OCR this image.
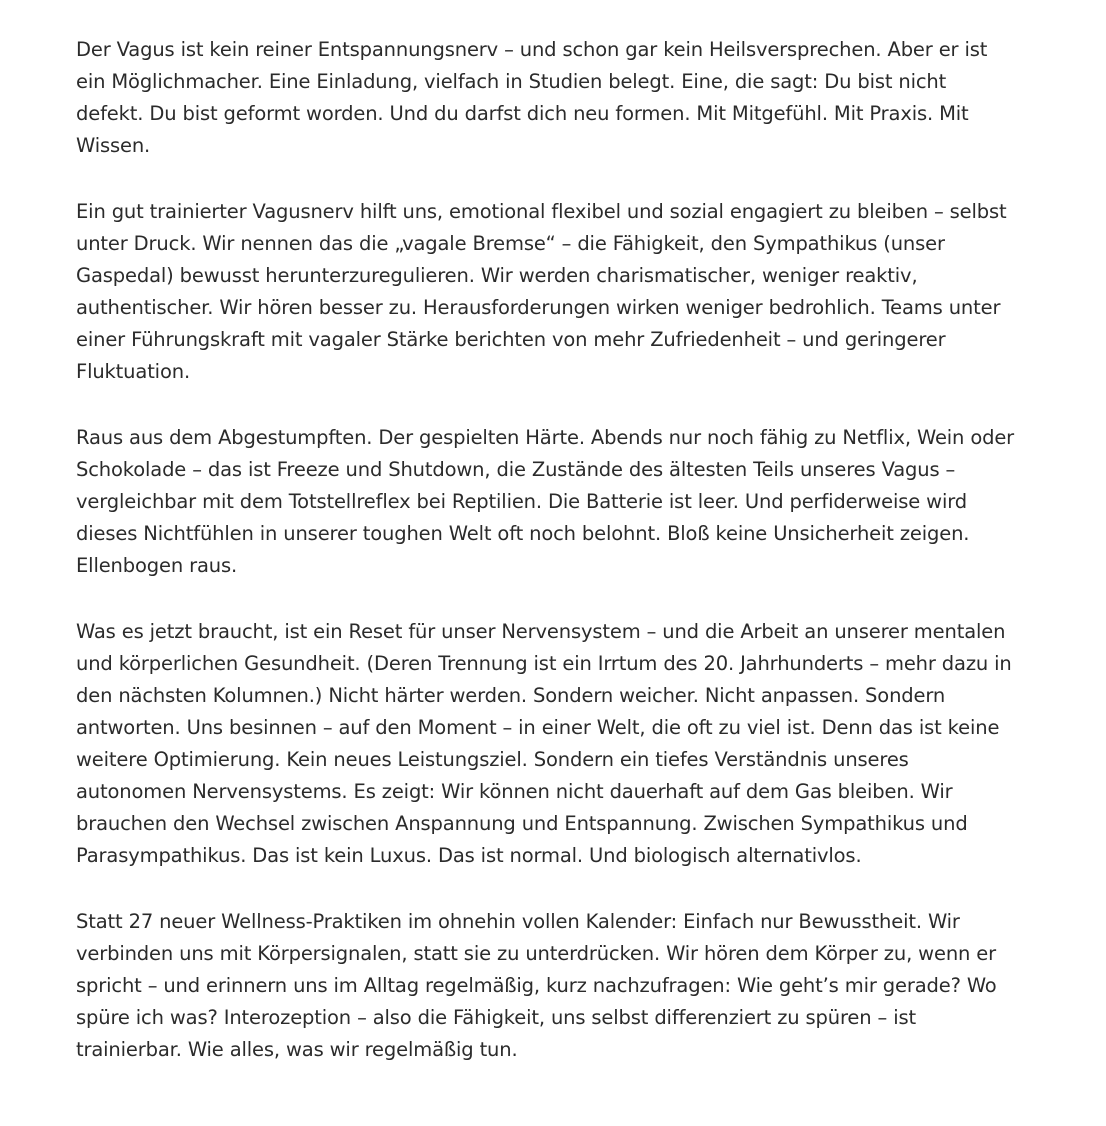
Der Vagus ist kein reiner Entspannungsnerv – und schon gar kein Heilsversprechen. Aber er ist ein Möglichmacher. Eine Einladung, vielfach in Studien belegt. Eine, die sagt: Du bist nicht defekt. Du bist geformt worden. Und du darfst dich neu formen. Mit Mitgefühl. Mit Praxis. Mit Wissen.

Ein gut trainierter Vagusnerv hilft uns, emotional flexibel und sozial engagiert zu bleiben – selbst unter Druck. Wir nennen das die „vagale Bremse“ – die Fähigkeit, den Sympathikus (unser Gaspedal) bewusst herunterzuregulieren. Wir werden charismatischer, weniger reaktiv, authentischer. Wir hören besser zu. Herausforderungen wirken weniger bedrohlich. Teams unter einer Führungskraft mit vagaler Stärke berichten von mehr Zufriedenheit – und geringerer Fluktuation.

Raus aus dem Abgestumpften. Der gespielten Härte. Abends nur noch fähig zu Netflix, Wein oder Schokolade – das ist Freeze und Shutdown, die Zustände des ältesten Teils unseres Vagus – vergleichbar mit dem Totstellreflex bei Reptilien. Die Batterie ist leer. Und perfiderweise wird dieses Nichtfühlen in unserer toughen Welt oft noch belohnt. Bloß keine Unsicherheit zeigen. Ellenbogen raus.

Was es jetzt braucht, ist ein Reset für unser Nervensystem – und die Arbeit an unserer mentalen und körperlichen Gesundheit. (Deren Trennung ist ein Irrtum des 20. Jahrhunderts – mehr dazu in den nächsten Kolumnen.) Nicht härter werden. Sondern weicher. Nicht anpassen. Sondern antworten. Uns besinnen – auf den Moment – in einer Welt, die oft zu viel ist. Denn das ist keine weitere Optimierung. Kein neues Leistungsziel. Sondern ein tiefes Verständnis unseres autonomen Nervensystems. Es zeigt: Wir können nicht dauerhaft auf dem Gas bleiben. Wir brauchen den Wechsel zwischen Anspannung und Entspannung. Zwischen Sympathikus und Parasympathikus. Das ist kein Luxus. Das ist normal. Und biologisch alternativlos.

Statt 27 neuer Wellness-Praktiken im ohnehin vollen Kalender: Einfach nur Bewusstheit. Wir verbinden uns mit Körpersignalen, statt sie zu unterdrücken. Wir hören dem Körper zu, wenn er spricht – und erinnern uns im Alltag regelmäßig, kurz nachzufragen: Wie geht’s mir gerade? Wo spüre ich was? Interozeption – also die Fähigkeit, uns selbst differenziert zu spüren – ist trainierbar. Wie alles, was wir regelmäßig tun.
